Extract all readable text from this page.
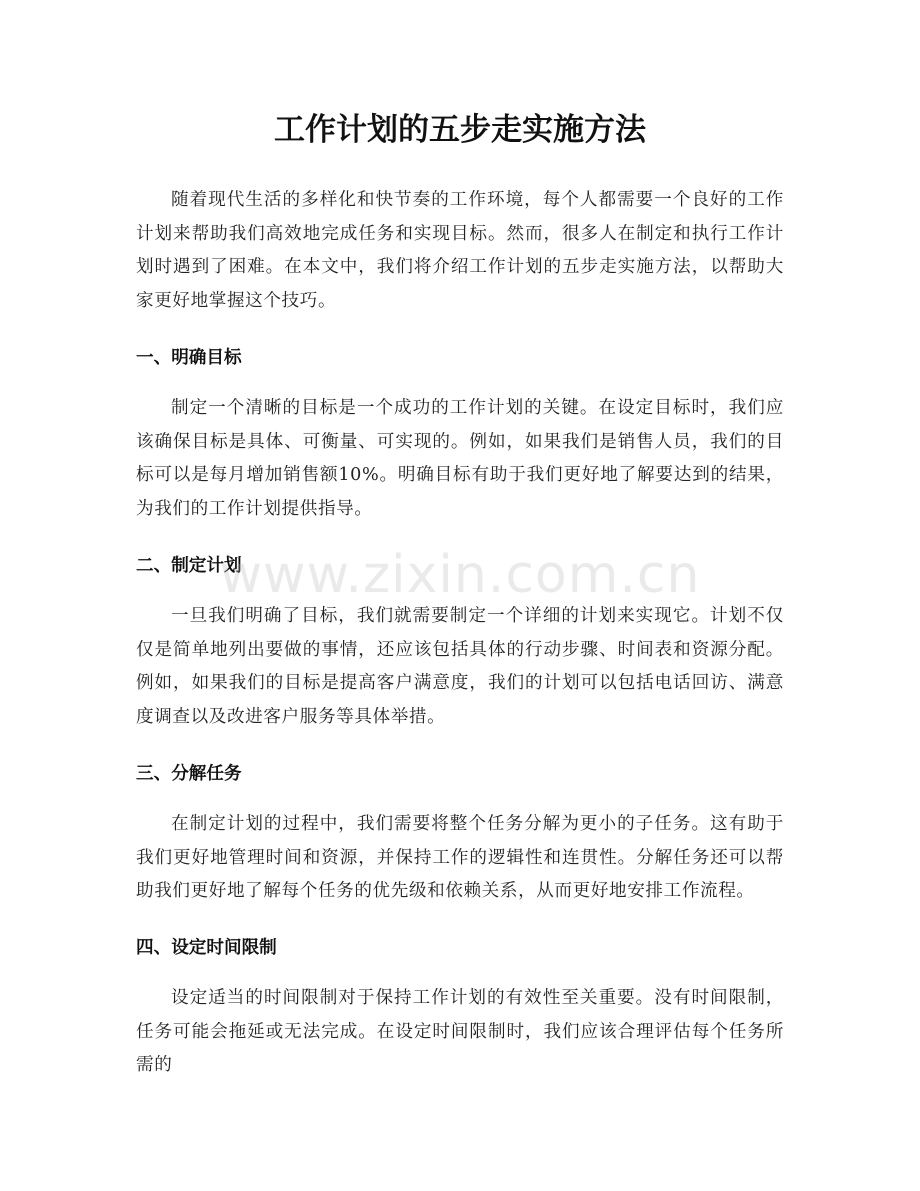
工作计划的五步走实施方法

随着现代生活的多样化和快节奏的工作环境，每个人都需要一个良好的工作计划来帮助我们高效地完成任务和实现目标。然而，很多人在制定和执行工作计划时遇到了困难。在本文中，我们将介绍工作计划的五步走实施方法，以帮助大家更好地掌握这个技巧。

一、明确目标

制定一个清晰的目标是一个成功的工作计划的关键。在设定目标时，我们应该确保目标是具体、可衡量、可实现的。例如，如果我们是销售人员，我们的目标可以是每月增加销售额10%。明确目标有助于我们更好地了解要达到的结果，为我们的工作计划提供指导。

二、制定计划

一旦我们明确了目标，我们就需要制定一个详细的计划来实现它。计划不仅仅是简单地列出要做的事情，还应该包括具体的行动步骤、时间表和资源分配。例如，如果我们的目标是提高客户满意度，我们的计划可以包括电话回访、满意度调查以及改进客户服务等具体举措。

三、分解任务

在制定计划的过程中，我们需要将整个任务分解为更小的子任务。这有助于我们更好地管理时间和资源，并保持工作的逻辑性和连贯性。分解任务还可以帮助我们更好地了解每个任务的优先级和依赖关系，从而更好地安排工作流程。

四、设定时间限制

设定适当的时间限制对于保持工作计划的有效性至关重要。没有时间限制，任务可能会拖延或无法完成。在设定时间限制时，我们应该合理评估每个任务所需的

www.zixin.com.cn
